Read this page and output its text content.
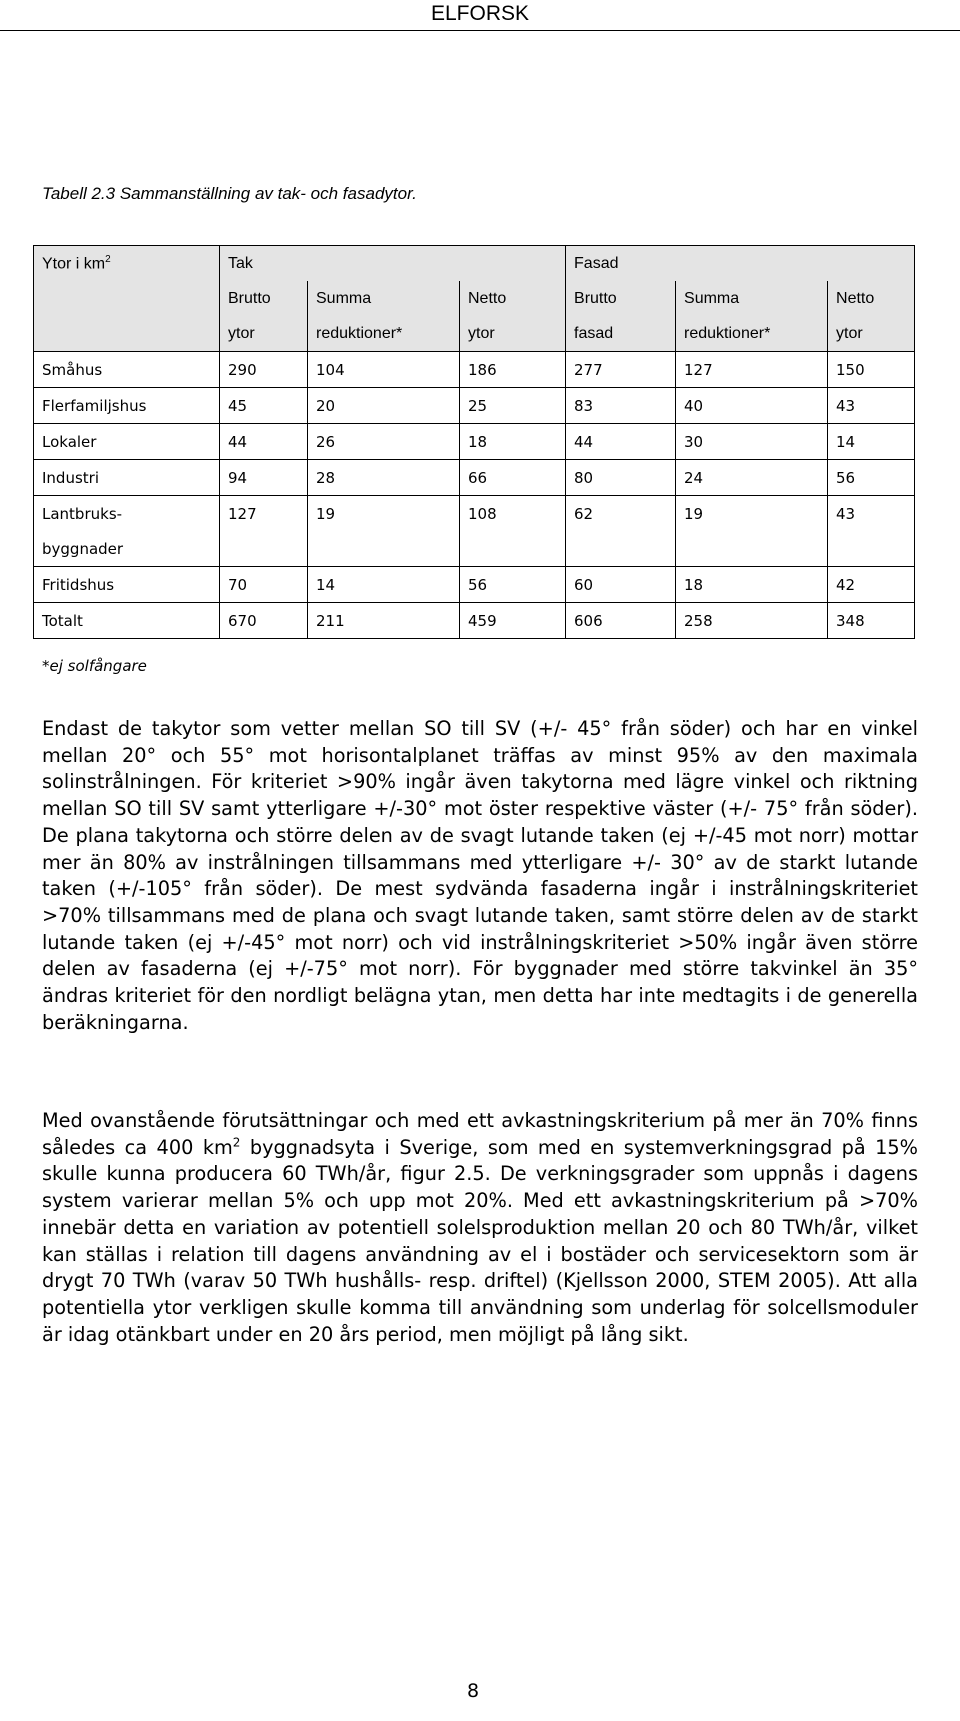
ELFORSK
Tabell 2.3 Sammanställning av tak- och fasadytor.
Ytor i $km^2$	Tak			Fasad		
	Brutto	Summa	Netto	Brutto	Summa	Netto
	ytor	reduktioner*	ytor	fasad	reduktioner*	ytor
Småhus	290	104	186	277	127	150
Flerfamiljshus	45	20	25	83	40	43
Lokaler	44	26	18	44	30	14
Industri	94	28	66	80	24	56
Lantbruks-	127	19	108	62	19	43
byggnader						
Fritidshus	70	14	56	60	18	42
Totalt	670	211	459	606	258	348
*ej solfångare

Endast de takytor som vetter mellan SO till SV (+/- 45° från söder) och har en vinkel mellan 20° och 55° mot horisontalplanet träffas av minst 95% av den maximala solinstrålningen. För kriteriet >90% ingår även takytorna med lägre vinkel och riktning mellan SO till SV samt ytterligare +/-30° mot öster respektive väster (+/- 75° från söder). De plana takytorna och större delen av de svagt lutande taken (ej +/-45 mot norr) mottar mer än 80% av instrålningen tillsammans med ytterligare +/- 30° av de starkt lutande taken (+/-105° från söder). De mest sydvända fasaderna ingår i instrålningskriteriet >70% tillsammans med de plana och svagt lutande taken, samt större delen av de starkt lutande taken (ej +/-45° mot norr) och vid instrålningskriteriet >50% ingår även större delen av fasaderna (ej +/-75° mot norr). För byggnader med större takvinkel än 35° ändras kriteriet för den nordligt belägna ytan, men detta har inte medtagits i de generella beräkningarna.

Med ovanstående förutsättningar och med ett avkastningskriterium på mer än 70% finns således ca 400 $km^2$ byggnadsyta i Sverige, som med en systemverkningsgrad på 15% skulle kunna producera 60 TWh/år, figur 2.5. De verkningsgrader som uppnås i dagens system varierar mellan 5% och upp mot 20%. Med ett avkastningskriterium på >70% innebär detta en variation av potentiell solelsproduktion mellan 20 och 80 TWh/år, vilket kan ställas i relation till dagens användning av el i bostäder och servicesektorn som är drygt 70 TWh (varav 50 TWh hushålls- resp. driftel) (Kjellsson 2000, STEM 2005). Att alla potentiella ytor verkligen skulle komma till användning som underlag för solcellsmoduler är idag otänkbart under en 20 års period, men möjligt på lång sikt.

8
